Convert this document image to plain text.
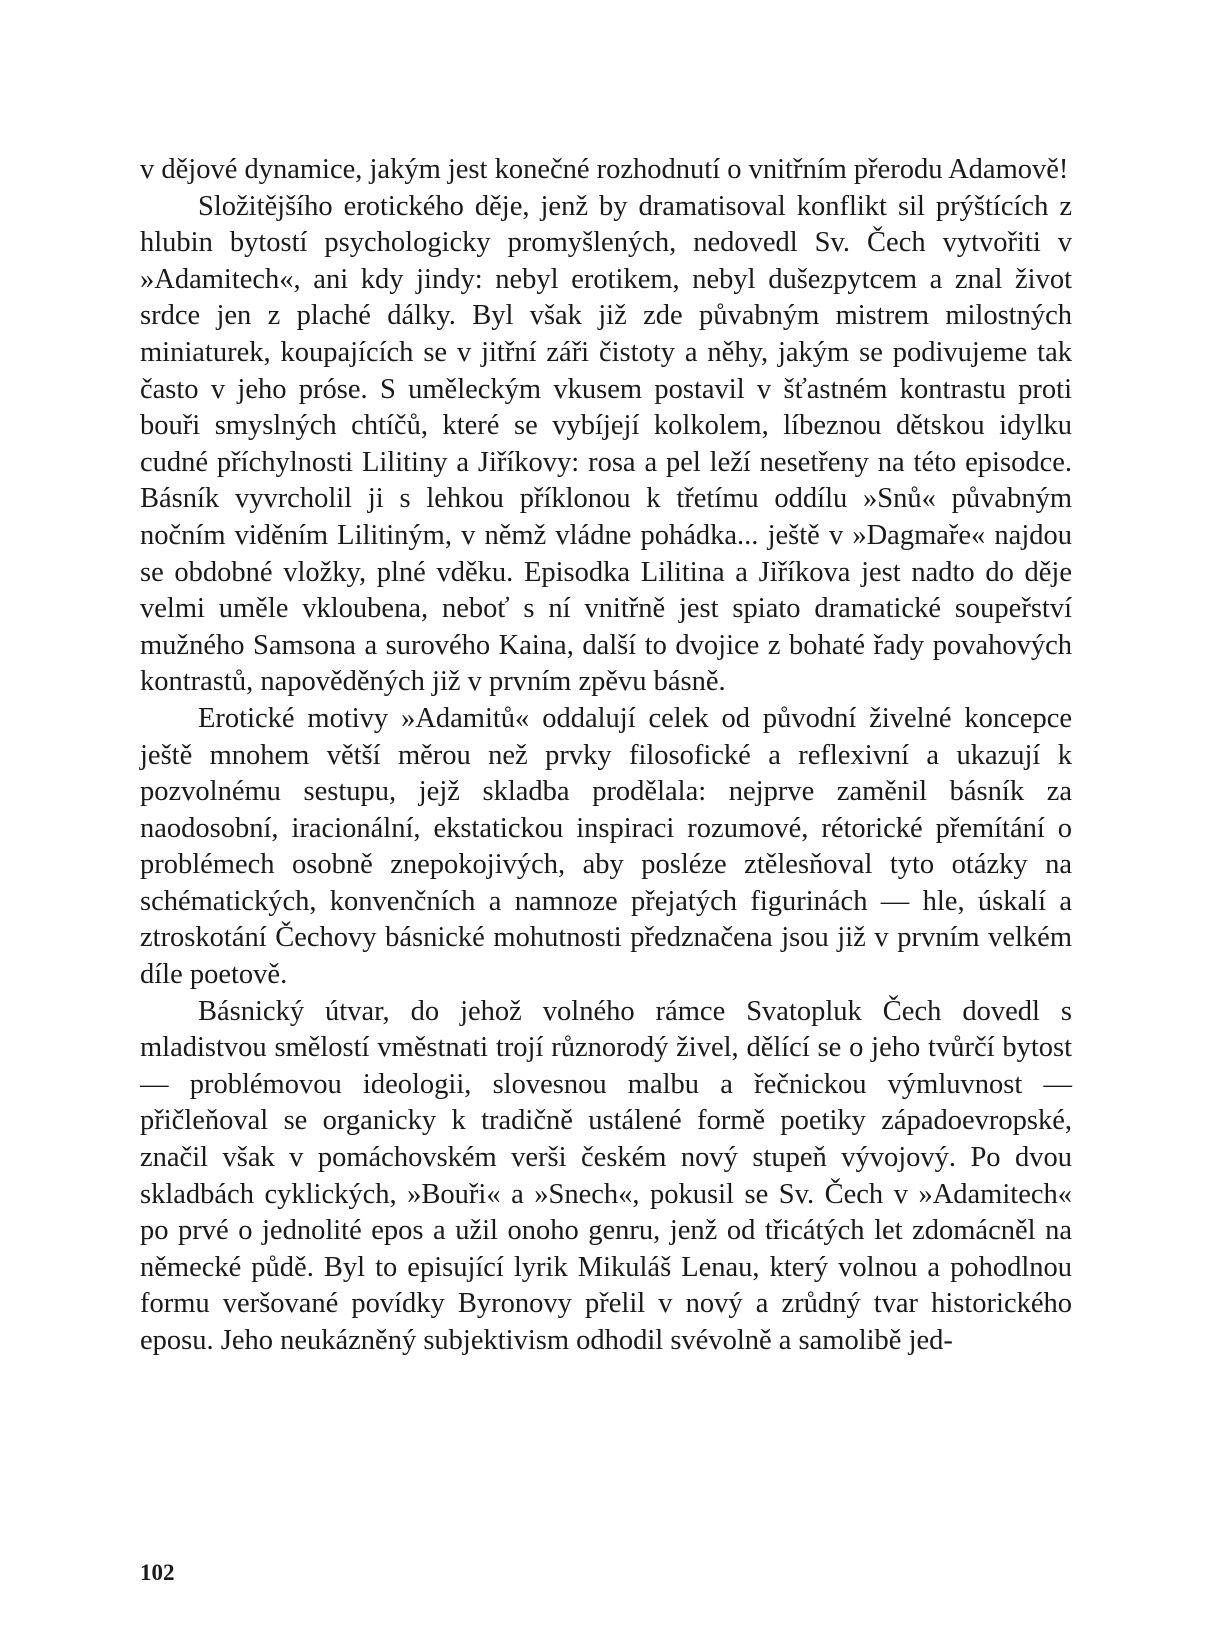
v dějové dynamice, jakým jest konečné rozhodnutí o vnitřním přerodu Adamově!

Složitějšího erotického děje, jenž by dramatisoval konflikt sil prýštících z hlubin bytostí psychologicky promyšlených, nedovedl Sv. Čech vytvořiti v »Adamitech«, ani kdy jindy: nebyl erotikem, nebyl dušezpytcem a znal život srdce jen z plaché dálky. Byl však již zde půvabným mistrem milostných miniaturek, koupajících se v jitřní záři čistoty a něhy, jakým se podivujeme tak často v jeho próse. S uměleckým vkusem postavil v šťastném kontrastu proti bouři smyslných chtíčů, které se vybíjejí kolkolem, líbeznou dětskou idylku cudné příchylnosti Lilitiny a Jiříkovy: rosa a pel leží nesetřeny na této episodce. Básník vyvrcholil ji s lehkou příklonou k třetímu oddílu »Snů« půvabným nočním viděním Lilitiným, v němž vládne pohádka... ještě v »Dagmaře« najdou se obdobné vložky, plné vděku. Episodka Lilitina a Jiříkova jest nadto do děje velmi uměle vkloubena, neboť s ní vnitřně jest spiato dramatické soupeřství mužného Samsona a surového Kaina, další to dvojice z bohaté řady povahových kontrastů, napověděných již v prvním zpěvu básně.

Erotické motivy »Adamitů« oddalují celek od původní živelné koncepce ještě mnohem větší měrou než prvky filosofické a reflexivní a ukazují k pozvolnému sestupu, jejž skladba prodělala: nejprve zaměnil básník za naodosobní, iracionální, ekstatickou inspiraci rozumové, rétorické přemítání o problémech osobně znepokojivých, aby posléze ztělesňoval tyto otázky na schématických, konvenčních a namnoze přejatých figurinách — hle, úskalí a ztroskotání Čechovy básnické mohutnosti předznačena jsou již v prvním velkém díle poetově.

Básnický útvar, do jehož volného rámce Svatopluk Čech dovedl s mladistvou smělostí vměstnati trojí různorodý živel, dělící se o jeho tvůrčí bytost — problémovou ideologii, slovesnou malbu a řečnickou výmluvnost — přičleňoval se organicky k tradičně ustálené formě poetiky západoevropské, značil však v pomáchovském verši českém nový stupeň vývojový. Po dvou skladbách cyklických, »Bouři« a »Snech«, pokusil se Sv. Čech v »Adamitech« po prvé o jednolité epos a užil onoho genru, jenž od třicátých let zdomácněl na německé půdě. Byl to episující lyrik Mikuláš Lenau, který volnou a pohodlnou formu veršované povídky Byronovy přelil v nový a zrůdný tvar historického eposu. Jeho neukázněný subjektivism odhodil svévolně a samolibě jed-

102
